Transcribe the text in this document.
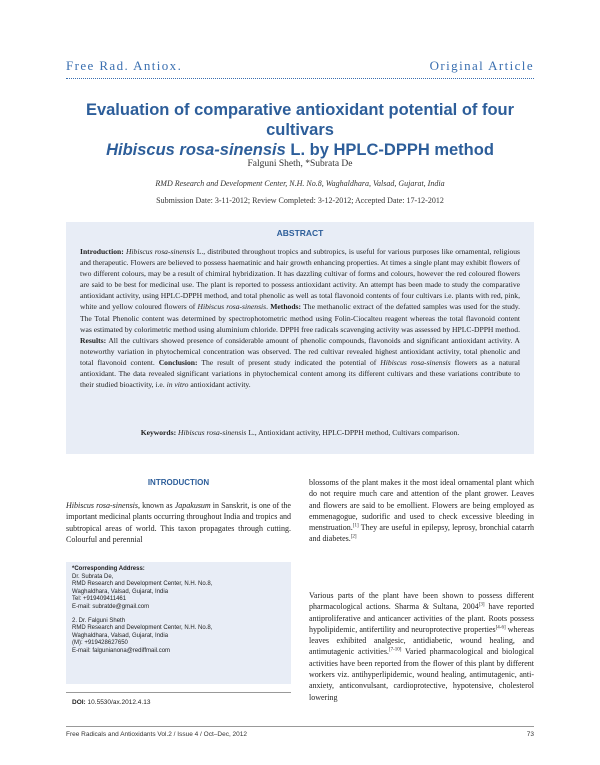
Free Rad. Antiox.	Original Article
Evaluation of comparative antioxidant potential of four cultivars
Hibiscus rosa-sinensis L. by HPLC-DPPH method
Falguni Sheth, *Subrata De
RMD Research and Development Center, N.H. No.8, Waghaldhara, Valsad, Gujarat, India
Submission Date: 3-11-2012; Review Completed: 3-12-2012; Accepted Date: 17-12-2012
ABSTRACT
Introduction: Hibiscus rosa-sinensis L., distributed throughout tropics and subtropics, is useful for various purposes like ornamental, religious and therapeutic. Flowers are believed to possess haematinic and hair growth enhancing properties. At times a single plant may exhibit flowers of two different colours, may be a result of chimiral hybridization. It has dazzling cultivar of forms and colours, however the red coloured flowers are said to be best for medicinal use. The plant is reported to possess antioxidant activity. An attempt has been made to study the comparative antioxidant activity, using HPLC-DPPH method, and total phenolic as well as total flavonoid contents of four cultivars i.e. plants with red, pink, white and yellow coloured flowers of Hibiscus rosa-sinensis. Methods: The methanolic extract of the defatted samples was used for the study. The Total Phenolic content was determined by spectrophotometric method using Folin-Ciocalteu reagent whereas the total flavonoid content was estimated by colorimetric method using aluminium chloride. DPPH free radicals scavenging activity was assessed by HPLC-DPPH method. Results: All the cultivars showed presence of considerable amount of phenolic compounds, flavonoids and significant antioxidant activity. A noteworthy variation in phytochemical concentration was observed. The red cultivar revealed highest antioxidant activity, total phenolic and total flavonoid content. Conclusion: The result of present study indicated the potential of Hibiscus rosa-sinensis flowers as a natural antioxidant. The data revealed significant variations in phytochemical content among its different cultivars and these variations contribute to their studied bioactivity, i.e. in vitro antioxidant activity.
Keywords: Hibiscus rosa-sinensis L., Antioxidant activity, HPLC-DPPH method, Cultivars comparison.
INTRODUCTION
Hibiscus rosa-sinensis, known as Japakusum in Sanskrit, is one of the important medicinal plants occurring throughout India and tropics and subtropical areas of world. This taxon propagates through cutting. Colourful and perennial
*Corresponding Address:
Dr. Subrata De,
RMD Research and Development Center, N.H. No.8,
Waghaldhara, Valsad, Gujarat, India
Tel: +919409411461
E-mail: subratde@gmail.com
2. Dr. Falguni Sheth
RMD Research and Development Center, N.H. No.8,
Waghaldhara, Valsad, Gujarat, India
(M): +919428627650
E-mail: falgunianona@rediffmail.com
DOI: 10.5530/ax.2012.4.13
blossoms of the plant makes it the most ideal ornamental plant which do not require much care and attention of the plant grower. Leaves and flowers are said to be emollient. Flowers are being employed as emmenagogue, sudorific and used to check excessive bleeding in menstruation.[1] They are useful in epilepsy, leprosy, bronchial catarrh and diabetes.[2]
Various parts of the plant have been shown to possess different pharmacological actions. Sharma & Sultana, 2004[3] have reported antiproliferative and anticancer activities of the plant. Roots possess hypolipidemic, antifertility and neuroprotective properties[4-6] whereas leaves exhibited analgesic, antidiabetic, wound healing, and antimutagenic activities.[7-10] Varied pharmacological and biological activities have been reported from the flower of this plant by different workers viz. antihyperlipidemic, wound healing, antimutagenic, anti-anxiety, anticonvulsant, cardioprotective, hypotensive, cholesterol lowering
Free Radicals and Antioxidants Vol.2 / Issue 4 / Oct–Dec, 2012	73
